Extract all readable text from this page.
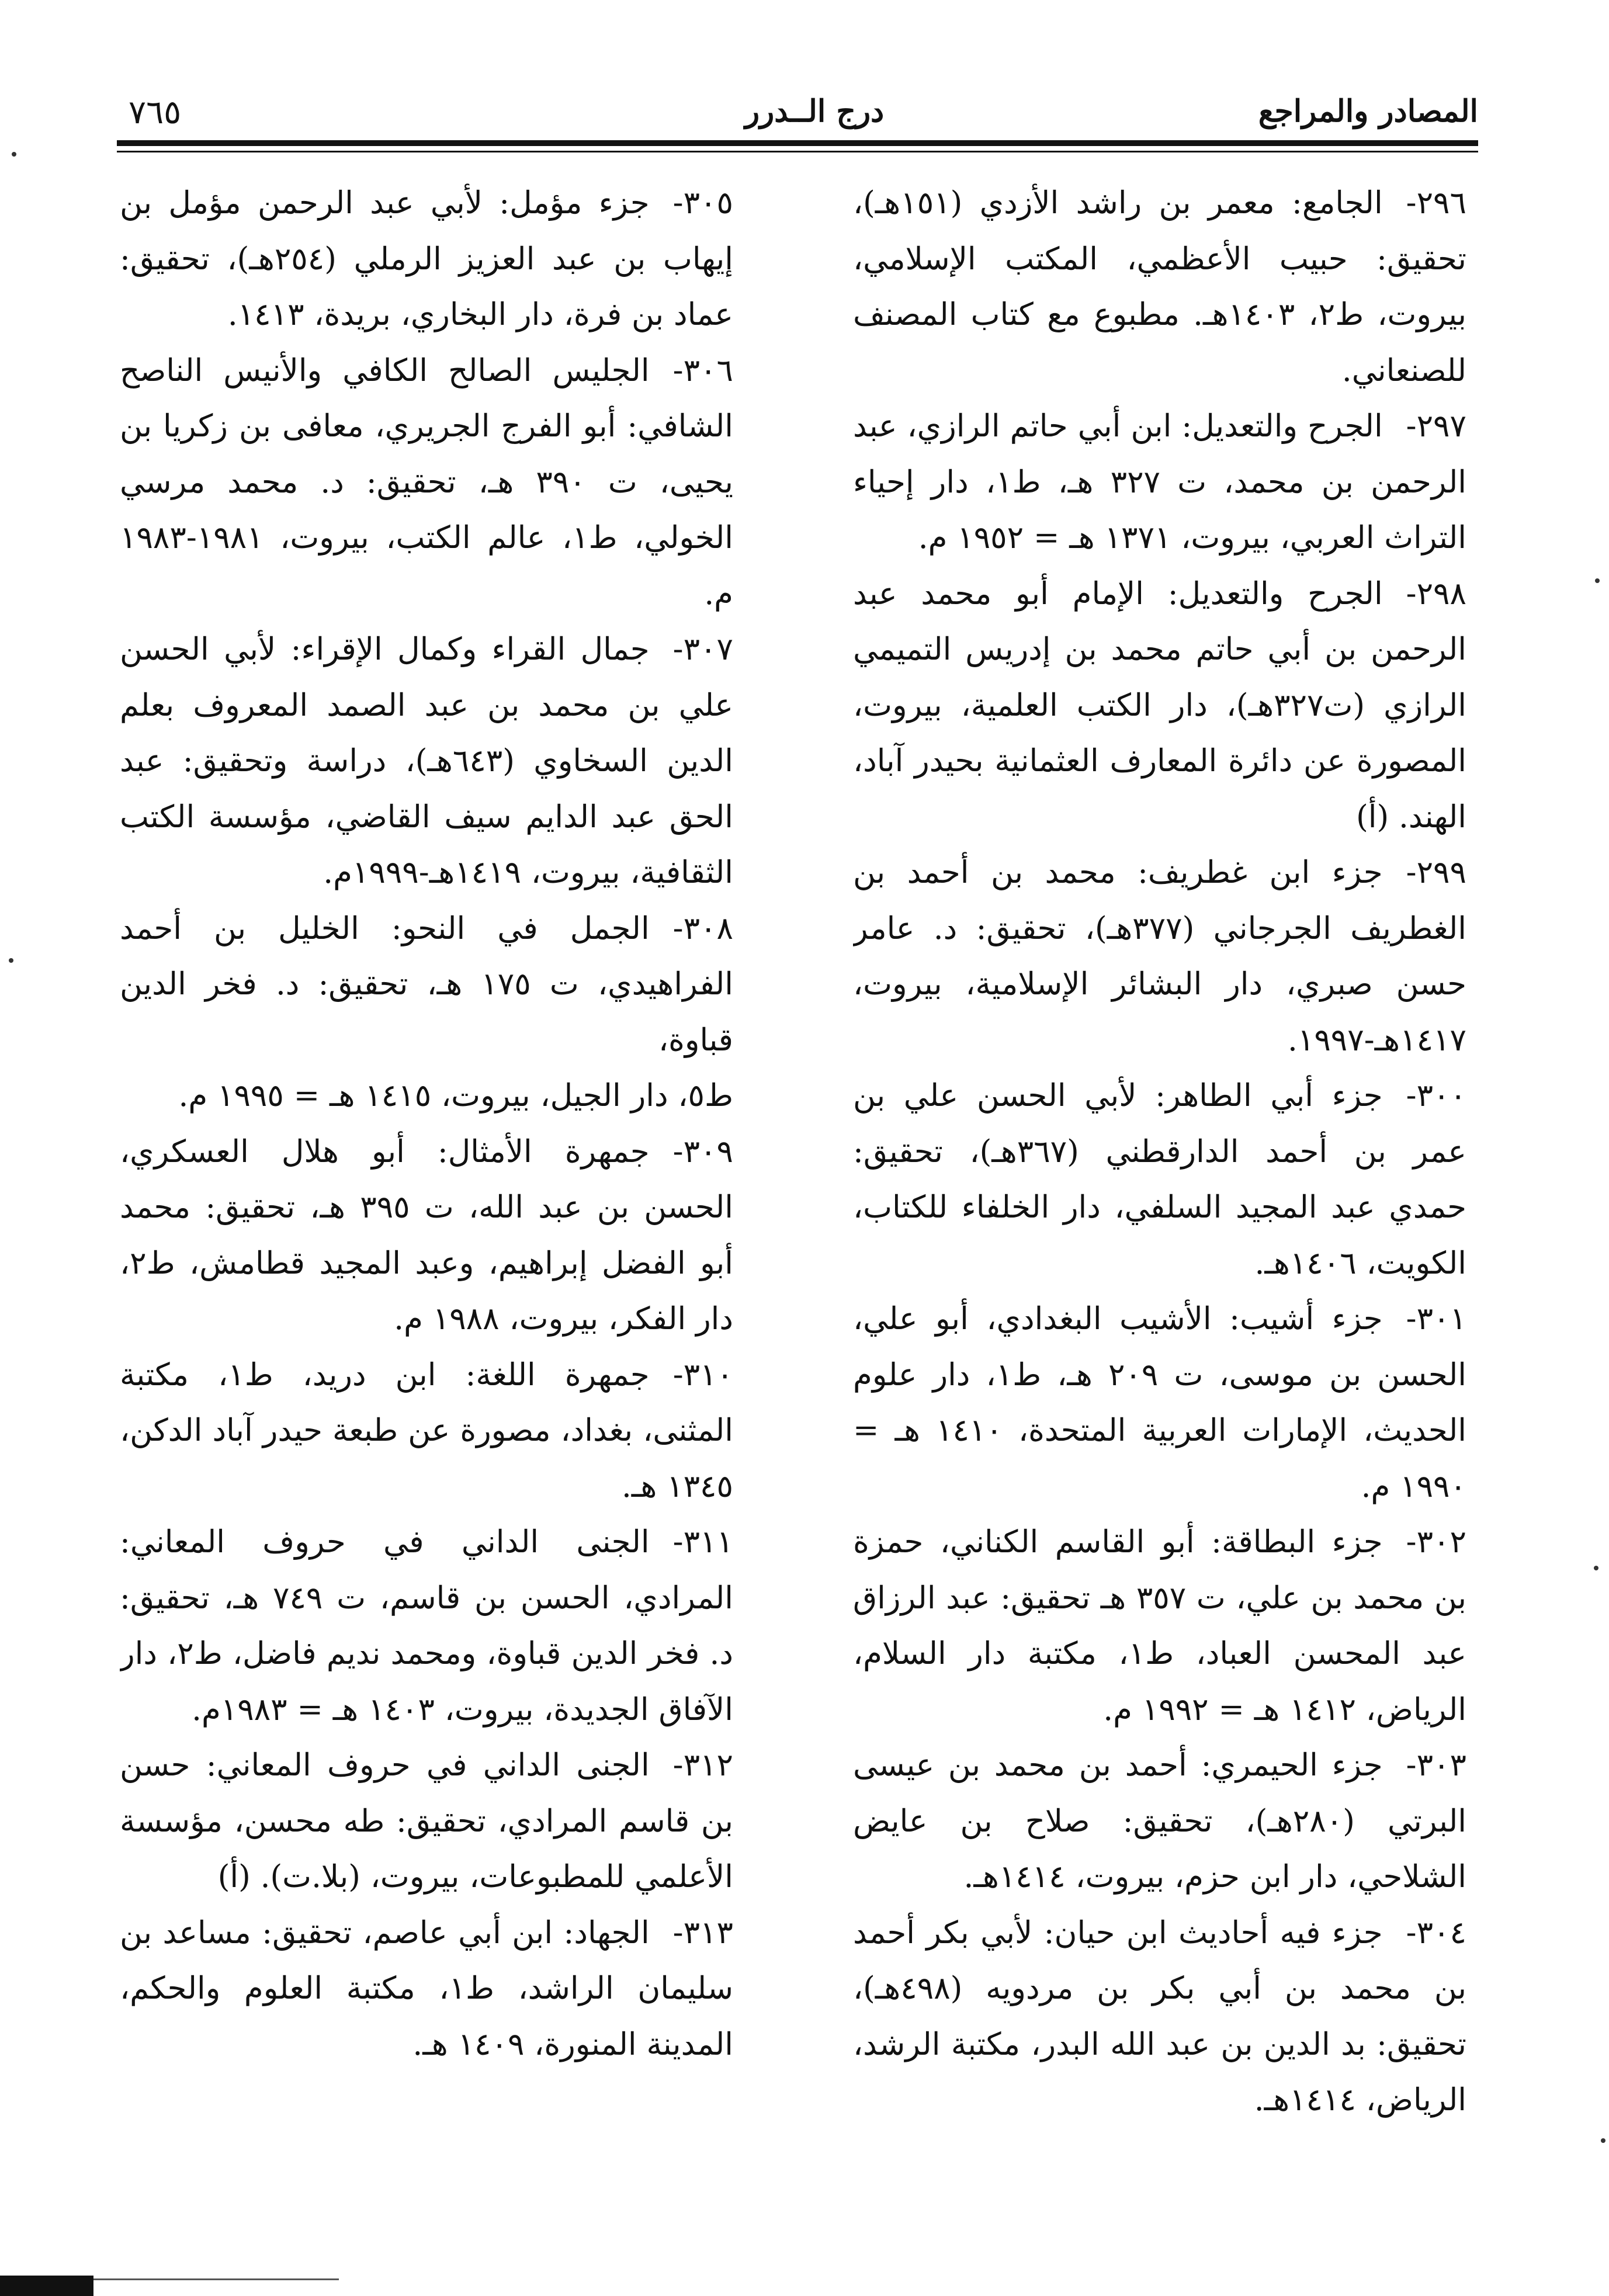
المصادر والمراجع
درج الــدرر
٧٦٥

٢٩٦-الجامع: معمر بن راشد الأزدي (١٥١هـ)، تحقيق: حبيب الأعظمي، المكتب الإسلامي، بيروت، ط٢، ١٤٠٣هـ. مطبوع مع كتاب المصنف للصنعاني.

٢٩٧-الجرح والتعديل: ابن أبي حاتم الرازي، عبد الرحمن بن محمد، ت ٣٢٧ هـ، ط١، دار إحياء التراث العربي، بيروت، ١٣٧١ هـ = ١٩٥٢ م.

٢٩٨-الجرح والتعديل: الإمام أبو محمد عبد الرحمن بن أبي حاتم محمد بن إدريس التميمي الرازي (ت٣٢٧هـ)، دار الكتب العلمية، بيروت، المصورة عن دائرة المعارف العثمانية بحيدر آباد، الهند. (أ)

٢٩٩-جزء ابن غطريف: محمد بن أحمد بن الغطريف الجرجاني (٣٧٧هـ)، تحقيق: د. عامر حسن صبري، دار البشائر الإسلامية، بيروت، ١٤١٧هـ-١٩٩٧.

٣٠٠-جزء أبي الطاهر: لأبي الحسن علي بن عمر بن أحمد الدارقطني (٣٦٧هـ)، تحقيق: حمدي عبد المجيد السلفي، دار الخلفاء للكتاب، الكويت، ١٤٠٦هـ.

٣٠١-جزء أشيب: الأشيب البغدادي، أبو علي، الحسن بن موسى، ت ٢٠٩ هـ، ط١، دار علوم الحديث، الإمارات العربية المتحدة، ١٤١٠ هـ = ١٩٩٠ م.

٣٠٢-جزء البطاقة: أبو القاسم الكناني، حمزة بن محمد بن علي، ت ٣٥٧ هـ تحقيق: عبد الرزاق عبد المحسن العباد، ط١، مكتبة دار السلام، الرياض، ١٤١٢ هـ = ١٩٩٢ م.

٣٠٣-جزء الحيمري: أحمد بن محمد بن عيسى البرتي (٢٨٠هـ)، تحقيق: صلاح بن عايض الشلاحي، دار ابن حزم، بيروت، ١٤١٤هـ.

٣٠٤-جزء فيه أحاديث ابن حيان: لأبي بكر أحمد بن محمد بن أبي بكر بن مردويه (٤٩٨هـ)، تحقيق: بد الدين بن عبد الله البدر، مكتبة الرشد، الرياض، ١٤١٤هـ.

٣٠٥-جزء مؤمل: لأبي عبد الرحمن مؤمل بن إيهاب بن عبد العزيز الرملي (٢٥٤هـ)، تحقيق: عماد بن فرة، دار البخاري، بريدة، ١٤١٣.

٣٠٦-الجليس الصالح الكافي والأنيس الناصح الشافي: أبو الفرج الجريري، معافى بن زكريا بن يحيى، ت ٣٩٠ هـ، تحقيق: د. محمد مرسي الخولي، ط١، عالم الكتب، بيروت، ١٩٨١-١٩٨٣ م.

٣٠٧-جمال القراء وكمال الإقراء: لأبي الحسن علي بن محمد بن عبد الصمد المعروف بعلم الدين السخاوي (٦٤٣هـ)، دراسة وتحقيق: عبد الحق عبد الدايم سيف القاضي، مؤسسة الكتب الثقافية، بيروت، ١٤١٩هـ-١٩٩٩م.

٣٠٨-الجمل في النحو: الخليل بن أحمد الفراهيدي، ت ١٧٥ هـ، تحقيق: د. فخر الدين قباوة،

ط٥، دار الجيل، بيروت، ١٤١٥ هـ = ١٩٩٥ م.

٣٠٩-جمهرة الأمثال: أبو هلال العسكري، الحسن بن عبد الله، ت ٣٩٥ هـ، تحقيق: محمد أبو الفضل إبراهيم، وعبد المجيد قطامش، ط٢، دار الفكر، بيروت، ١٩٨٨ م.

٣١٠-جمهرة اللغة: ابن دريد، ط١، مكتبة المثنى، بغداد، مصورة عن طبعة حيدر آباد الدكن، ١٣٤٥ هـ.

٣١١-الجنى الداني في حروف المعاني: المرادي، الحسن بن قاسم، ت ٧٤٩ هـ، تحقيق: د. فخر الدين قباوة، ومحمد نديم فاضل، ط٢، دار الآفاق الجديدة، بيروت، ١٤٠٣ هـ = ١٩٨٣م.

٣١٢-الجنى الداني في حروف المعاني: حسن بن قاسم المرادي، تحقيق: طه محسن، مؤسسة الأعلمي للمطبوعات، بيروت، (بلا.ت). (أ)

٣١٣-الجهاد: ابن أبي عاصم، تحقيق: مساعد بن سليمان الراشد، ط١، مكتبة العلوم والحكم، المدينة المنورة، ١٤٠٩ هـ.
